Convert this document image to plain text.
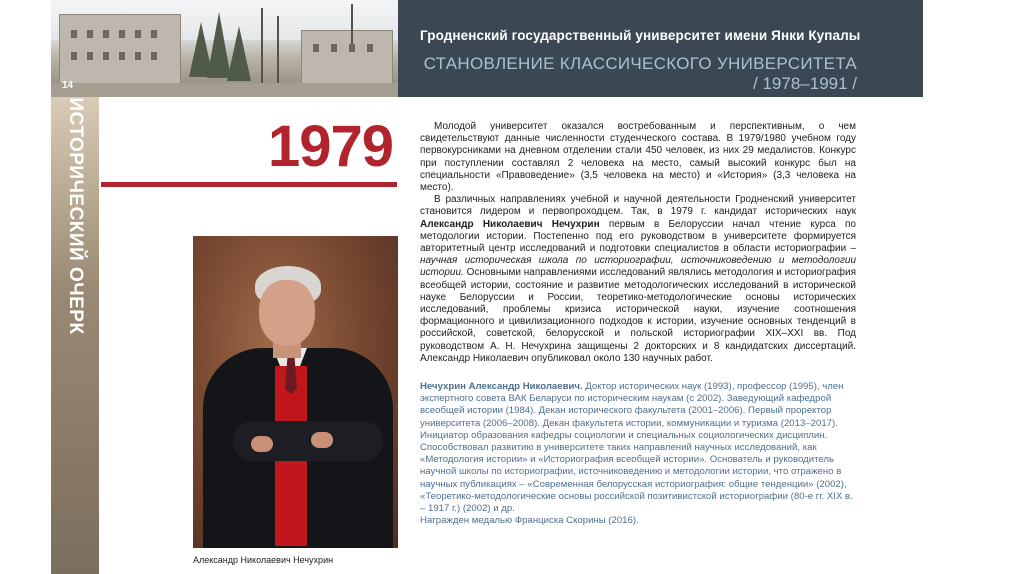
Гродненский государственный университет имени Янки Купалы
СТАНОВЛЕНИЕ КЛАССИЧЕСКОГО УНИВЕРСИТЕТА
/ 1978–1991 /
14
ИСТОРИЧЕСКИЙ ОЧЕРК	1979
Александр Николаевич Нечухрин

Молодой университет оказался востребованным и перспективным, о чем свидетельствуют данные численности студенческого состава. В 1979/1980 учебном году первокурсниками на дневном отделении стали 450 человек, из них 29 медалистов. Конкурс при поступлении составлял 2 человека на место, самый высокий конкурс был на специальности «Правоведение» (3,5 человека на место) и «История» (3,3 человека на место).

В различных направлениях учебной и научной деятельности Гродненский университет становится лидером и первопроходцем. Так, в 1979 г. кандидат исторических наук Александр Николаевич Нечухрин первым в Белоруссии начал чтение курса по методологии истории. Постепенно под его руководством в университете формируется авторитетный центр исследований и подготовки специалистов в области историографии – научная историческая школа по историографии, источниковедению и методологии истории. Основными направлениями исследований являлись методология и историография всеобщей истории, состояние и развитие методологических исследований в исторической науке Белоруссии и России, теоретико-методологические основы исторических исследований, проблемы кризиса исторической науки, изучение соотношения формационного и цивилизационного подходов к истории, изучение основных тенденций в российской, советской, белорусской и польской историографии XIX–XXI вв. Под руководством А. Н. Нечухрина защищены 2 докторских и 8 кандидатских диссертаций. Александр Николаевич опубликовал около 130 научных работ.

Нечухрин Александр Николаевич. Доктор исторических наук (1993), профессор (1995), член экспертного совета ВАК Беларуси по историческим наукам (с 2002). Заведующий кафедрой всеобщей истории (1984). Декан исторического факультета (2001–2006). Первый проректор университета (2006–2008). Декан факультета истории, коммуникации и туризма (2013–2017). Инициатор образования кафедры социологии и специальных социологических дисциплин.

Способствовал развитию в университете таких направлений научных исследований, как «Методология истории» и «Историография всеобщей истории». Основатель и руководитель научной школы по историографии, источниковедению и методологии истории, что отражено в научных публикациях – «Современная белорусская историография: общие тенденции» (2002), «Теоретико-методологические основы российской позитивистской историографии (80-е гг. XIX в. – 1917 г.) (2002) и др.

Награжден медалью Франциска Скорины (2016).
